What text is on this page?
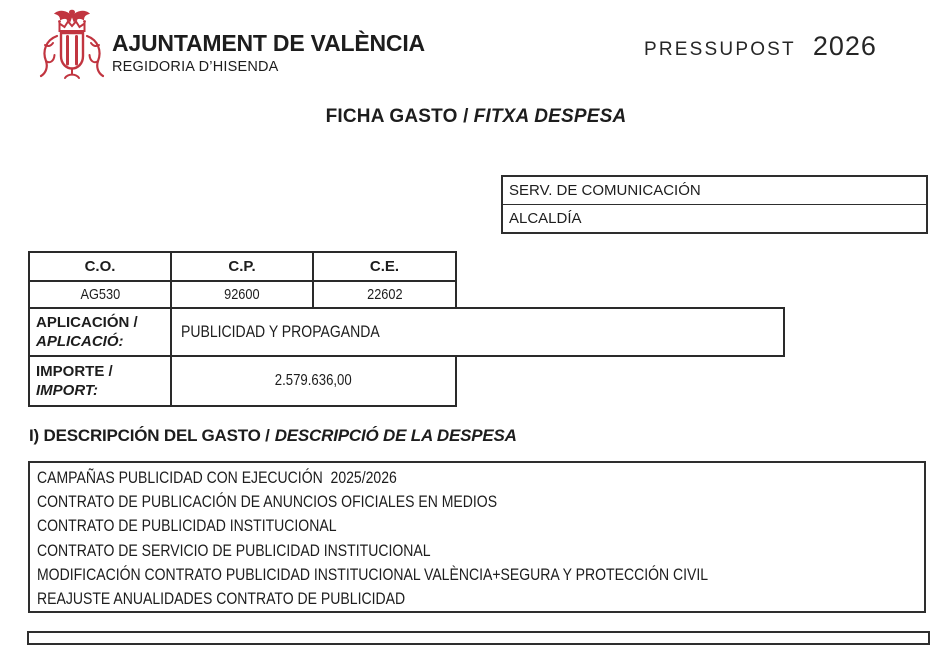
AJUNTAMENT DE VALÈNCIA
REGIDORIA D’HISENDA
PRESSUPOST 2026
FICHA GASTO / FITXA DESPESA
SERV. DE COMUNICACIÓN
ALCALDÍA
C.O.	C.P.	C.E.
AG530	92600	22602
APLICACIÓN /
APLICACIÓ:
PUBLICIDAD Y PROPAGANDA
IMPORTE /
IMPORT:
2.579.636,00
I) DESCRIPCIÓN DEL GASTO / DESCRIPCIÓ DE LA DESPESA
CAMPAÑAS PUBLICIDAD CON EJECUCIÓN  2025/2026
CONTRATO DE PUBLICACIÓN DE ANUNCIOS OFICIALES EN MEDIOS
CONTRATO DE PUBLICIDAD INSTITUCIONAL
CONTRATO DE SERVICIO DE PUBLICIDAD INSTITUCIONAL
MODIFICACIÓN CONTRATO PUBLICIDAD INSTITUCIONAL VALÈNCIA+SEGURA Y PROTECCIÓN CIVIL
REAJUSTE ANUALIDADES CONTRATO DE PUBLICIDAD
